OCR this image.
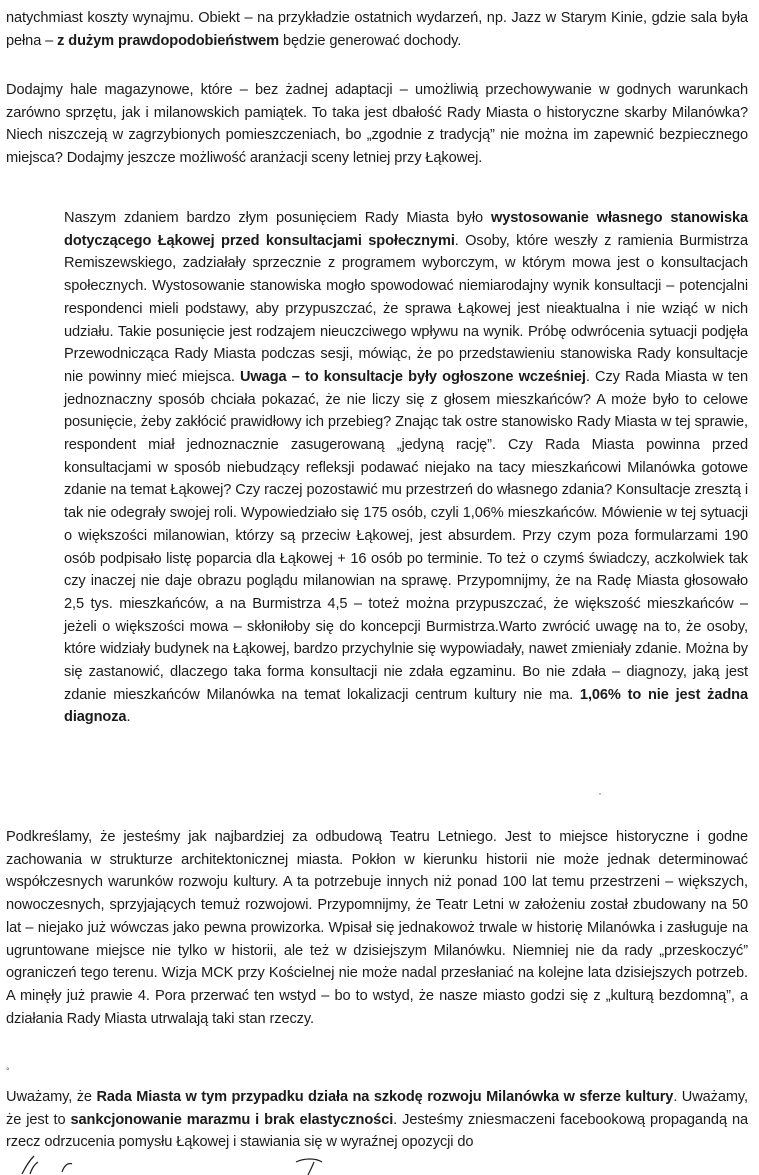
natychmiast koszty wynajmu. Obiekt – na przykładzie ostatnich wydarzeń, np. Jazz w Starym Kinie, gdzie sala była pełna – z dużym prawdopodobieństwem będzie generować dochody.

Dodajmy hale magazynowe, które – bez żadnej adaptacji – umożliwią przechowywanie w godnych warunkach zarówno sprzętu, jak i milanowskich pamiątek. To taka jest dbałość Rady Miasta o historyczne skarby Milanówka? Niech niszczeją w zagrzybionych pomieszczeniach, bo „zgodnie z tradycją” nie można im zapewnić bezpiecznego miejsca? Dodajmy jeszcze możliwość aranżacji sceny letniej przy Łąkowej.

Naszym zdaniem bardzo złym posunięciem Rady Miasta było wystosowanie własnego stanowiska dotyczącego Łąkowej przed konsultacjami społecznymi. Osoby, które weszły z ramienia Burmistrza Remiszewskiego, zadziałały sprzecznie z programem wyborczym, w którym mowa jest o konsultacjach społecznych. Wystosowanie stanowiska mogło spowodować niemiarodajny wynik konsultacji – potencjalni respondenci mieli podstawy, aby przypuszczać, że sprawa Łąkowej jest nieaktualna i nie wziąć w nich udziału. Takie posunięcie jest rodzajem nieuczciwego wpływu na wynik. Próbę odwrócenia sytuacji podjęła Przewodnicząca Rady Miasta podczas sesji, mówiąc, że po przedstawieniu stanowiska Rady konsultacje nie powinny mieć miejsca. Uwaga – to konsultacje były ogłoszone wcześniej. Czy Rada Miasta w ten jednoznaczny sposób chciała pokazać, że nie liczy się z głosem mieszkańców? A może było to celowe posunięcie, żeby zakłócić prawidłowy ich przebieg? Znając tak ostre stanowisko Rady Miasta w tej sprawie, respondent miał jednoznacznie zasugerowaną „jedyną rację”. Czy Rada Miasta powinna przed konsultacjami w sposób niebudzący refleksji podawać niejako na tacy mieszkańcowi Milanówka gotowe zdanie na temat Łąkowej? Czy raczej pozostawić mu przestrzeń do własnego zdania? Konsultacje zresztą i tak nie odegrały swojej roli. Wypowiedziało się 175 osób, czyli 1,06% mieszkańców. Mówienie w tej sytuacji o większości milanowian, którzy są przeciw Łąkowej, jest absurdem. Przy czym poza formularzami 190 osób podpisało listę poparcia dla Łąkowej + 16 osób po terminie. To też o czymś świadczy, aczkolwiek tak czy inaczej nie daje obrazu poglądu milanowian na sprawę. Przypomnijmy, że na Radę Miasta głosowało 2,5 tys. mieszkańców, a na Burmistrza 4,5 – toteż można przypuszczać, że większość mieszkańców – jeżeli o większości mowa – skłoniłoby się do koncepcji Burmistrza.Warto zwrócić uwagę na to, że osoby, które widziały budynek na Łąkowej, bardzo przychylnie się wypowiadały, nawet zmieniały zdanie. Można by się zastanowić, dlaczego taka forma konsultacji nie zdała egzaminu. Bo nie zdała – diagnozy, jaką jest zdanie mieszkańców Milanówka na temat lokalizacji centrum kultury nie ma. 1,06% to nie jest żadna diagnoza.

·

Podkreślamy, że jesteśmy jak najbardziej za odbudową Teatru Letniego. Jest to miejsce historyczne i godne zachowania w strukturze architektonicznej miasta. Pokłon w kierunku historii nie może jednak determinować współczesnych warunków rozwoju kultury. A ta potrzebuje innych niż ponad 100 lat temu przestrzeni – większych, nowoczesnych, sprzyjających temuż rozwojowi. Przypomnijmy, że Teatr Letni w założeniu został zbudowany na 50 lat – niejako już wówczas jako pewna prowizorka. Wpisał się jednakowoż trwale w historię Milanówka i zasługuje na ugruntowane miejsce nie tylko w historii, ale też w dzisiejszym Milanówku. Niemniej nie da rady „przeskoczyć” ograniczeń tego terenu. Wizja MCK przy Kościelnej nie może nadal przesłaniać na kolejne lata dzisiejszych potrzeb. A minęły już prawie 4. Pora przerwać ten wstyd – bo to wstyd, że nasze miasto godzi się z „kulturą bezdomną”, a działania Rady Miasta utrwalają taki stan rzeczy.

°

Uważamy, że Rada Miasta w tym przypadku działa na szkodę rozwoju Milanówka w sferze kultury. Uważamy, że jest to sankcjonowanie marazmu i brak elastyczności. Jesteśmy zniesmaczeni facebookową propagandą na rzecz odrzucenia pomysłu Łąkowej i stawiania się w wyraźnej opozycji do
